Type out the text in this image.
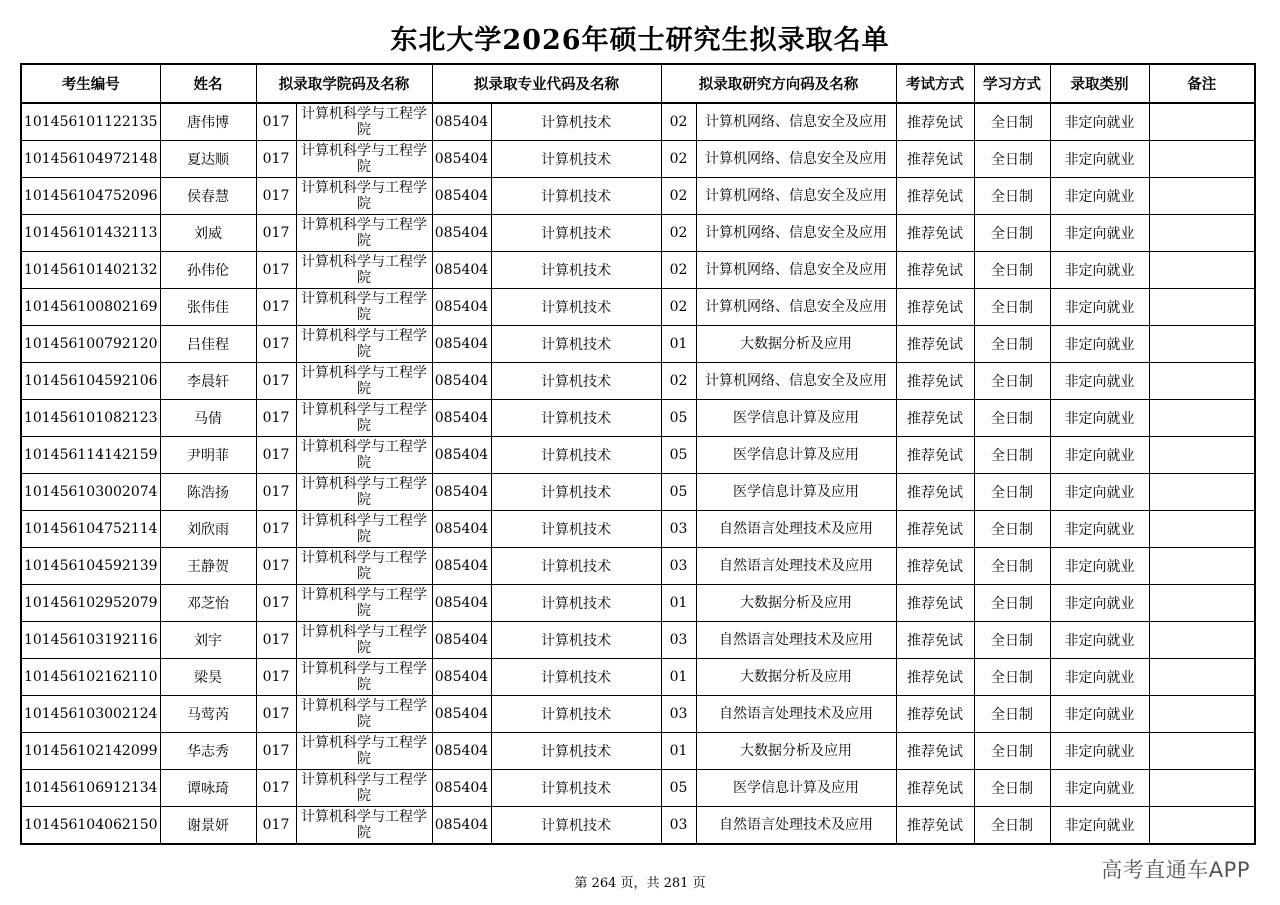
东北大学2026年硕士研究生拟录取名单
考生编号	姓名	拟录取学院码及名称		拟录取专业代码及名称		拟录取研究方向码及名称		考试方式	学习方式	录取类别	备注
101456101122135	唐伟博	017	计算机科学与工程学院	085404	计算机技术	02	计算机网络、信息安全及应用	推荐免试	全日制	非定向就业	
101456104972148	夏达顺	017	计算机科学与工程学院	085404	计算机技术	02	计算机网络、信息安全及应用	推荐免试	全日制	非定向就业	
101456104752096	侯春慧	017	计算机科学与工程学院	085404	计算机技术	02	计算机网络、信息安全及应用	推荐免试	全日制	非定向就业	
101456101432113	刘威	017	计算机科学与工程学院	085404	计算机技术	02	计算机网络、信息安全及应用	推荐免试	全日制	非定向就业	
101456101402132	孙伟伦	017	计算机科学与工程学院	085404	计算机技术	02	计算机网络、信息安全及应用	推荐免试	全日制	非定向就业	
101456100802169	张伟佳	017	计算机科学与工程学院	085404	计算机技术	02	计算机网络、信息安全及应用	推荐免试	全日制	非定向就业	
101456100792120	吕佳程	017	计算机科学与工程学院	085404	计算机技术	01	大数据分析及应用	推荐免试	全日制	非定向就业	
101456104592106	李晨轩	017	计算机科学与工程学院	085404	计算机技术	02	计算机网络、信息安全及应用	推荐免试	全日制	非定向就业	
101456101082123	马倩	017	计算机科学与工程学院	085404	计算机技术	05	医学信息计算及应用	推荐免试	全日制	非定向就业	
101456114142159	尹明菲	017	计算机科学与工程学院	085404	计算机技术	05	医学信息计算及应用	推荐免试	全日制	非定向就业	
101456103002074	陈浩扬	017	计算机科学与工程学院	085404	计算机技术	05	医学信息计算及应用	推荐免试	全日制	非定向就业	
101456104752114	刘欣雨	017	计算机科学与工程学院	085404	计算机技术	03	自然语言处理技术及应用	推荐免试	全日制	非定向就业	
101456104592139	王静贺	017	计算机科学与工程学院	085404	计算机技术	03	自然语言处理技术及应用	推荐免试	全日制	非定向就业	
101456102952079	邓芝怡	017	计算机科学与工程学院	085404	计算机技术	01	大数据分析及应用	推荐免试	全日制	非定向就业	
101456103192116	刘宇	017	计算机科学与工程学院	085404	计算机技术	03	自然语言处理技术及应用	推荐免试	全日制	非定向就业	
101456102162110	梁昊	017	计算机科学与工程学院	085404	计算机技术	01	大数据分析及应用	推荐免试	全日制	非定向就业	
101456103002124	马莺芮	017	计算机科学与工程学院	085404	计算机技术	03	自然语言处理技术及应用	推荐免试	全日制	非定向就业	
101456102142099	华志秀	017	计算机科学与工程学院	085404	计算机技术	01	大数据分析及应用	推荐免试	全日制	非定向就业	
101456106912134	谭咏琦	017	计算机科学与工程学院	085404	计算机技术	05	医学信息计算及应用	推荐免试	全日制	非定向就业	
101456104062150	谢景妍	017	计算机科学与工程学院	085404	计算机技术	03	自然语言处理技术及应用	推荐免试	全日制	非定向就业	
第 264 页，共 281 页
高考直通车APP
